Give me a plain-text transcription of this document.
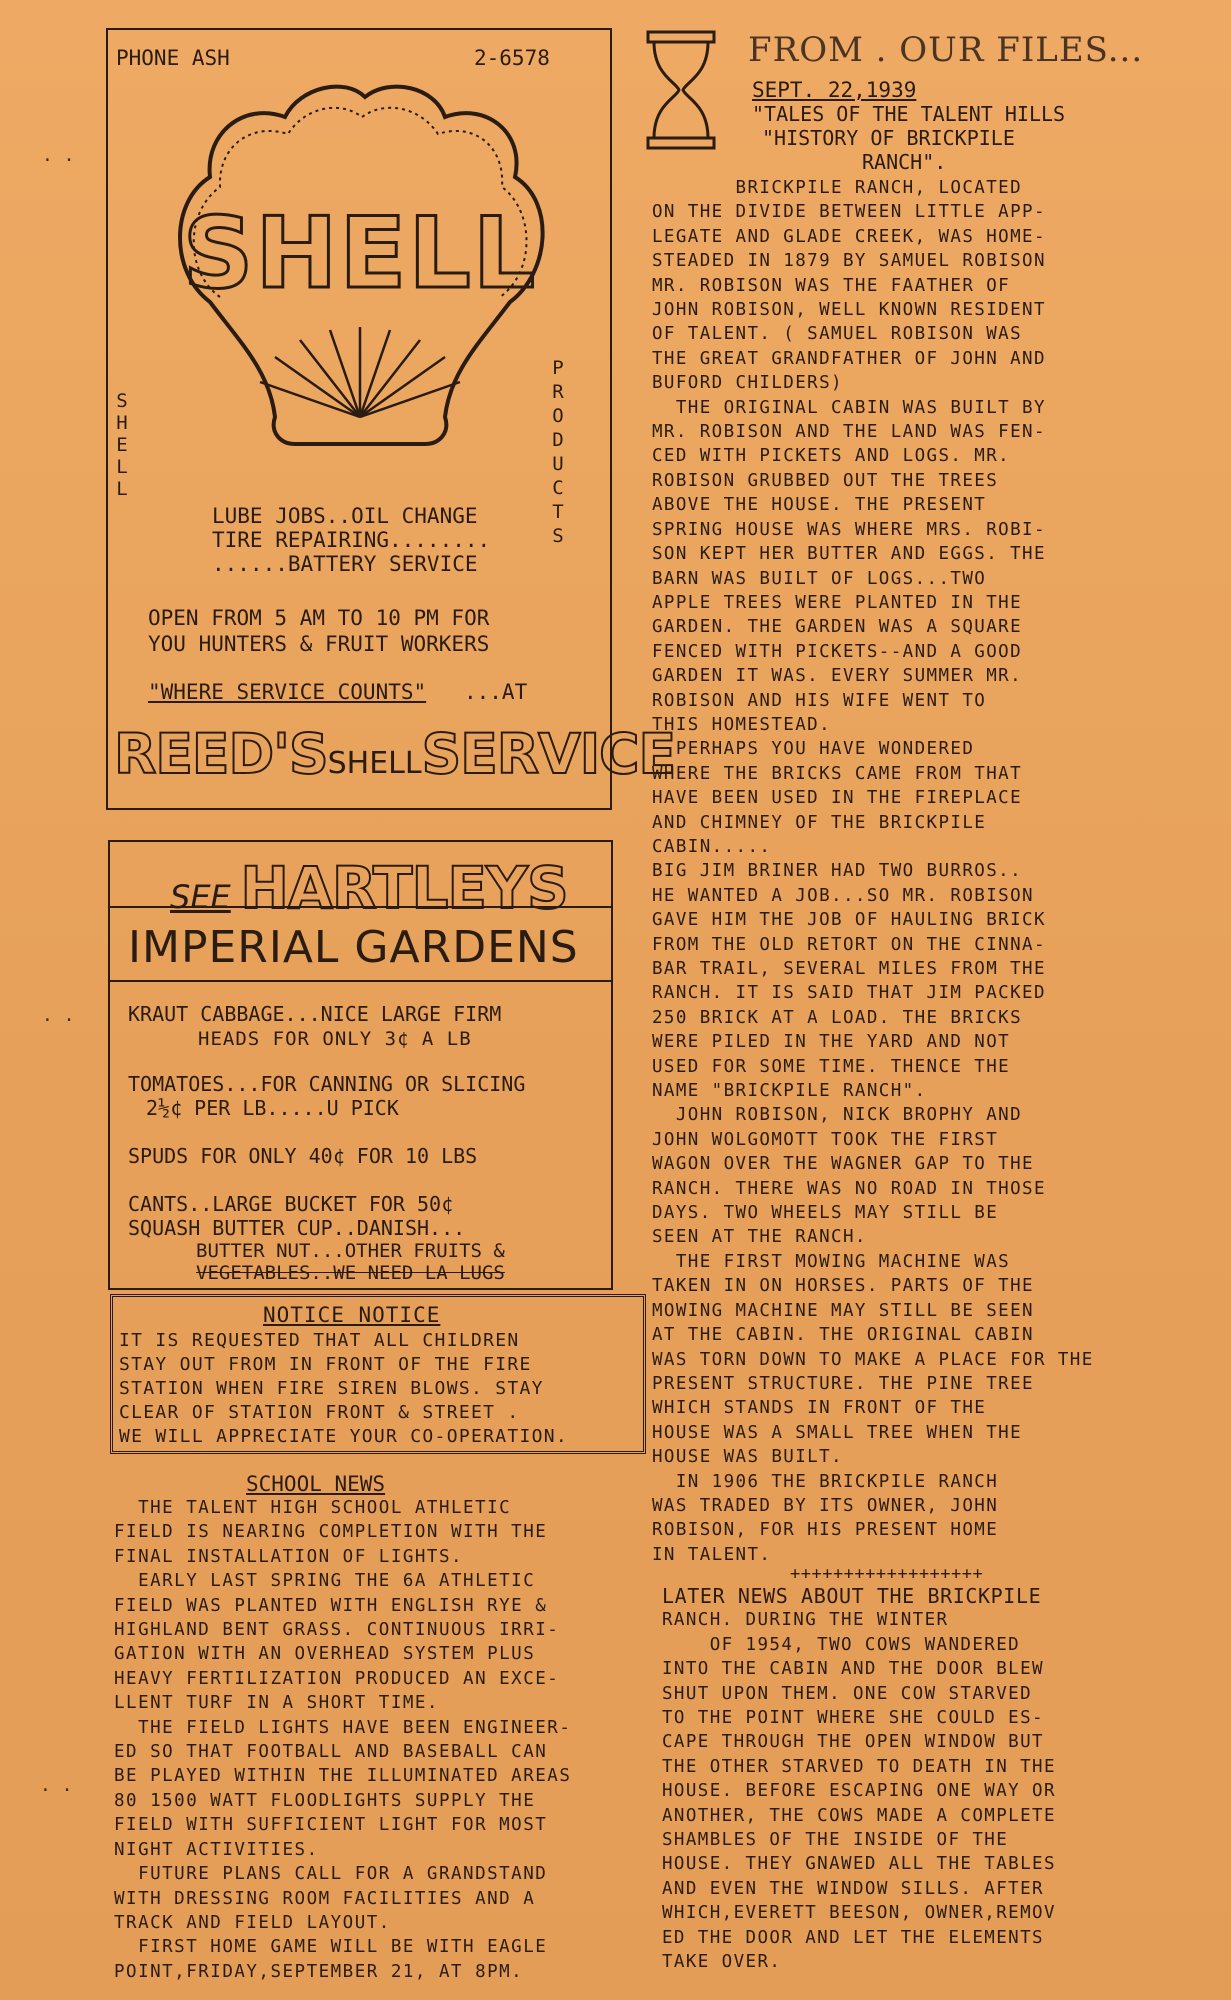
PHONE ASH	2-6578
SHELL
SHELL
PRODUCTS
LUBE JOBS..OIL CHANGE
TIRE REPAIRING........
......BATTERY SERVICE
OPEN FROM 5 AM TO 10 PM FOR
YOU HUNTERS & FRUIT WORKERS
"WHERE SERVICE COUNTS" ...AT
REED'SSHELLSERVICE
SEE HARTLEYS
IMPERIAL GARDENS
KRAUT CABBAGE...NICE LARGE FIRM
HEADS FOR ONLY 3¢ A LB
TOMATOES...FOR CANNING OR SLICING
2½¢ PER LB.....U PICK
SPUDS FOR ONLY 40¢ FOR 10 LBS
CANTS..LARGE BUCKET FOR 50¢
SQUASH BUTTER CUP..DANISH...
BUTTER NUT...OTHER FRUITS &
VEGETABLES..WE NEED LA LUGS
NOTICE NOTICE
IT IS REQUESTED THAT ALL CHILDREN
STAY OUT FROM IN FRONT OF THE FIRE
STATION WHEN FIRE SIREN BLOWS. STAY
CLEAR OF STATION FRONT & STREET .
WE WILL APPRECIATE YOUR CO-OPERATION.
SCHOOL NEWS

THE TALENT HIGH SCHOOL ATHLETIC

FIELD IS NEARING COMPLETION WITH THE

FINAL INSTALLATION OF LIGHTS.

EARLY LAST SPRING THE 6A ATHLETIC

FIELD WAS PLANTED WITH ENGLISH RYE &

HIGHLAND BENT GRASS. CONTINUOUS IRRI-

GATION WITH AN OVERHEAD SYSTEM PLUS

HEAVY FERTILIZATION PRODUCED AN EXCE-

LLENT TURF IN A SHORT TIME.

THE FIELD LIGHTS HAVE BEEN ENGINEER-

ED SO THAT FOOTBALL AND BASEBALL CAN

BE PLAYED WITHIN THE ILLUMINATED AREAS

80 1500 WATT FLOODLIGHTS SUPPLY THE

FIELD WITH SUFFICIENT LIGHT FOR MOST

NIGHT ACTIVITIES.

FUTURE PLANS CALL FOR A GRANDSTAND

WITH DRESSING ROOM FACILITIES AND A

TRACK AND FIELD LAYOUT.

FIRST HOME GAME WILL BE WITH EAGLE

POINT,FRIDAY,SEPTEMBER 21, AT 8PM.

FROM . OUR FILES...
SEPT. 22,1939
"TALES OF THE TALENT HILLS
"HISTORY OF BRICKPILE
RANCH".

BRICKPILE RANCH, LOCATED

ON THE DIVIDE BETWEEN LITTLE APP-

LEGATE AND GLADE CREEK, WAS HOME-

STEADED IN 1879 BY SAMUEL ROBISON

MR. ROBISON WAS THE FAATHER OF

JOHN ROBISON, WELL KNOWN RESIDENT

OF TALENT. ( SAMUEL ROBISON WAS

THE GREAT GRANDFATHER OF JOHN AND

BUFORD CHILDERS)

THE ORIGINAL CABIN WAS BUILT BY

MR. ROBISON AND THE LAND WAS FEN-

CED WITH PICKETS AND LOGS. MR.

ROBISON GRUBBED OUT THE TREES

ABOVE THE HOUSE. THE PRESENT

SPRING HOUSE WAS WHERE MRS. ROBI-

SON KEPT HER BUTTER AND EGGS. THE

BARN WAS BUILT OF LOGS...TWO

APPLE TREES WERE PLANTED IN THE

GARDEN. THE GARDEN WAS A SQUARE

FENCED WITH PICKETS--AND A GOOD

GARDEN IT WAS. EVERY SUMMER MR.

ROBISON AND HIS WIFE WENT TO

THIS HOMESTEAD.

PERHAPS YOU HAVE WONDERED

WHERE THE BRICKS CAME FROM THAT

HAVE BEEN USED IN THE FIREPLACE

AND CHIMNEY OF THE BRICKPILE

CABIN.....

BIG JIM BRINER HAD TWO BURROS..

HE WANTED A JOB...SO MR. ROBISON

GAVE HIM THE JOB OF HAULING BRICK

FROM THE OLD RETORT ON THE CINNA-

BAR TRAIL, SEVERAL MILES FROM THE

RANCH. IT IS SAID THAT JIM PACKED

250 BRICK AT A LOAD. THE BRICKS

WERE PILED IN THE YARD AND NOT

USED FOR SOME TIME. THENCE THE

NAME "BRICKPILE RANCH".

JOHN ROBISON, NICK BROPHY AND

JOHN WOLGOMOTT TOOK THE FIRST

WAGON OVER THE WAGNER GAP TO THE

RANCH. THERE WAS NO ROAD IN THOSE

DAYS. TWO WHEELS MAY STILL BE

SEEN AT THE RANCH.

THE FIRST MOWING MACHINE WAS

TAKEN IN ON HORSES. PARTS OF THE

MOWING MACHINE MAY STILL BE SEEN

AT THE CABIN. THE ORIGINAL CABIN

WAS TORN DOWN TO MAKE A PLACE FOR THE

PRESENT STRUCTURE. THE PINE TREE

WHICH STANDS IN FRONT OF THE

HOUSE WAS A SMALL TREE WHEN THE

HOUSE WAS BUILT.

IN 1906 THE BRICKPILE RANCH

WAS TRADED BY ITS OWNER, JOHN

ROBISON, FOR HIS PRESENT HOME

IN TALENT.

++++++++++++++++++

LATER NEWS ABOUT THE BRICKPILE

RANCH. DURING THE WINTER

OF 1954, TWO COWS WANDERED

INTO THE CABIN AND THE DOOR BLEW

SHUT UPON THEM. ONE COW STARVED

TO THE POINT WHERE SHE COULD ES-

CAPE THROUGH THE OPEN WINDOW BUT

THE OTHER STARVED TO DEATH IN THE

HOUSE. BEFORE ESCAPING ONE WAY OR

ANOTHER, THE COWS MADE A COMPLETE

SHAMBLES OF THE INSIDE OF THE

HOUSE. THEY GNAWED ALL THE TABLES

AND EVEN THE WINDOW SILLS. AFTER

WHICH,EVERETT BEESON, OWNER,REMOV

ED THE DOOR AND LET THE ELEMENTS

TAKE OVER.

· ·
· ·
· ·
